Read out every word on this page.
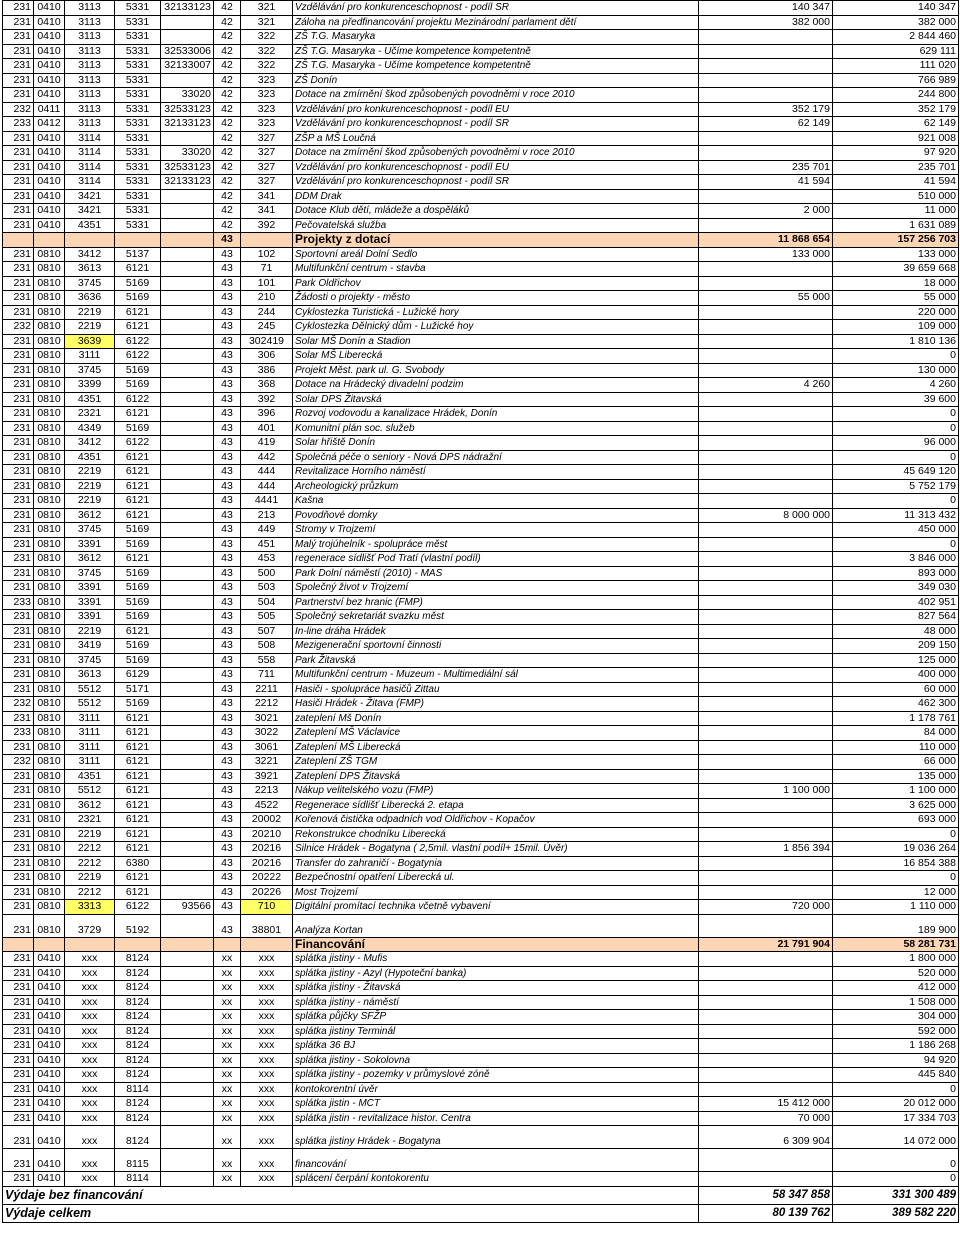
231	0410	3113	5331	32133123	42	321	Vzdělávání pro konkurenceschopnost - podíl SR	140 347	140 347
231	0410	3113	5331		42	321	Záloha na předfinancování projektu Mezinárodní parlament dětí	382 000	382 000
231	0410	3113	5331		42	322	ZŠ T.G. Masaryka		2 844 460
231	0410	3113	5331	32533006	42	322	ZŠ T.G. Masaryka - Učíme kompetence kompetentně		629 111
231	0410	3113	5331	32133007	42	322	ZŠ T.G. Masaryka - Učíme kompetence kompetentně		111 020
231	0410	3113	5331		42	323	ZŠ Donín		766 989
231	0410	3113	5331	33020	42	323	Dotace na zmírnění škod způsobených povodněmi v roce 2010		244 800
232	0411	3113	5331	32533123	42	323	Vzdělávání pro konkurenceschopnost - podíl EU	352 179	352 179
233	0412	3113	5331	32133123	42	323	Vzdělávání pro konkurenceschopnost - podíl SR	62 149	62 149
231	0410	3114	5331		42	327	ZŠP a MŠ Loučná		921 008
231	0410	3114	5331	33020	42	327	Dotace na zmírnění škod způsobených povodněmi v roce 2010		97 920
231	0410	3114	5331	32533123	42	327	Vzdělávání pro konkurenceschopnost - podíl EU	235 701	235 701
231	0410	3114	5331	32133123	42	327	Vzdělávání pro konkurenceschopnost - podíl SR	41 594	41 594
231	0410	3421	5331		42	341	DDM Drak		510 000
231	0410	3421	5331		42	341	Dotace Klub dětí, mládeže a dospěláků	2 000	11 000
231	0410	4351	5331		42	392	Pečovatelská služba		1 631 089
					43		Projekty z dotací	11 868 654	157 256 703
231	0810	3412	5137		43	102	Sportovní areál Dolní Sedlo	133 000	133 000
231	0810	3613	6121		43	71	Multifunkční centrum - stavba		39 659 668
231	0810	3745	5169		43	101	Park Oldřichov		18 000
231	0810	3636	5169		43	210	Žádosti o projekty - město	55 000	55 000
231	0810	2219	6121		43	244	Cyklostezka Turistická - Lužické hory		220 000
232	0810	2219	6121		43	245	Cyklostezka Dělnický dům - Lužické hoy		109 000
231	0810	3639	6122		43	302419	Solar MŠ Donín a Stadion		1 810 136
231	0810	3111	6122		43	306	Solar MŠ Liberecká		0
231	0810	3745	5169		43	386	Projekt Měst. park ul. G. Svobody		130 000
231	0810	3399	5169		43	368	Dotace na Hrádecký divadelní podzim	4 260	4 260
231	0810	4351	6122		43	392	Solar DPS Žitavská		39 600
231	0810	2321	6121		43	396	Rozvoj vodovodu a kanalizace Hrádek, Donín		0
231	0810	4349	5169		43	401	Komunitní plán soc. služeb		0
231	0810	3412	6122		43	419	Solar hřiště Donín		96 000
231	0810	4351	6121		43	442	Společná péče o seniory - Nová DPS nádražní		0
231	0810	2219	6121		43	444	Revitalizace Horního náměstí		45 649 120
231	0810	2219	6121		43	444	Archeologický průzkum		5 752 179
231	0810	2219	6121		43	4441	Kašna		0
231	0810	3612	6121		43	213	Povodňové domky	8 000 000	11 313 432
231	0810	3745	5169		43	449	Stromy v Trojzemí		450 000
231	0810	3391	5169		43	451	Malý trojúhelník - spolupráce měst		0
231	0810	3612	6121		43	453	regenerace sídlišť Pod Tratí (vlastní podíl)		3 846 000
231	0810	3745	5169		43	500	Park Dolní náměstí (2010) - MAS		893 000
231	0810	3391	5169		43	503	Společný život v Trojzemí		349 030
233	0810	3391	5169		43	504	Partnerství bez hranic (FMP)		402 951
231	0810	3391	5169		43	505	Společný sekretariát svazku měst		827 564
231	0810	2219	6121		43	507	In-line dráha Hrádek		48 000
231	0810	3419	5169		43	508	Mezigenerační sportovní činnosti		209 150
231	0810	3745	5169		43	558	Park Žitavská		125 000
231	0810	3613	6129		43	711	Multifunkční centrum - Muzeum - Multimediální sál		400 000
231	0810	5512	5171		43	2211	Hasiči - spolupráce hasičů Zittau		60 000
232	0810	5512	5169		43	2212	Hasiči Hrádek - Žitava (FMP)		462 300
231	0810	3111	6121		43	3021	zateplení Mš Donín		1 178 761
233	0810	3111	6121		43	3022	Zateplení MŠ Václavice		84 000
231	0810	3111	6121		43	3061	Zateplení MŠ Liberecká		110 000
232	0810	3111	6121		43	3221	Zateplení ZŠ TGM		66 000
231	0810	4351	6121		43	3921	Zateplení DPS Žitavská		135 000
231	0810	5512	6121		43	2213	Nákup velitelského vozu (FMP)	1 100 000	1 100 000
231	0810	3612	6121		43	4522	Regenerace sídlišť Liberecká 2. etapa		3 625 000
231	0810	2321	6121		43	20002	Kořenová čistička odpadních vod Oldřichov - Kopačov		693 000
231	0810	2219	6121		43	20210	Rekonstrukce chodníku Liberecká		0
231	0810	2212	6121		43	20216	Silnice Hrádek - Bogatyna ( 2,5mil. vlastní podíl+ 15mil. Úvěr)	1 856 394	19 036 264
231	0810	2212	6380		43	20216	Transfer do zahraničí - Bogatynia		16 854 388
231	0810	2219	6121		43	20222	Bezpečnostní opatření Liberecká ul.		0
231	0810	2212	6121		43	20226	Most Trojzemí		12 000
231	0810	3313	6122	93566	43	710	Digitální promítací technika včetně vybavení	720 000	1 110 000
231	0810	3729	5192		43	38801	Analýza Kortan		189 900
							Financování	21 791 904	58 281 731
231	0410	xxx	8124		xx	xxx	splátka jistiny - Mufis		1 800 000
231	0410	xxx	8124		xx	xxx	splátka jistiny - Azyl (Hypoteční banka)		520 000
231	0410	xxx	8124		xx	xxx	splátka jistiny - Žitavská		412 000
231	0410	xxx	8124		xx	xxx	splátka jistiny - náměstí		1 508 000
231	0410	xxx	8124		xx	xxx	splátka půjčky SFŽP		304 000
231	0410	xxx	8124		xx	xxx	splátka jistiny Terminál		592 000
231	0410	xxx	8124		xx	xxx	splátka 36 BJ		1 186 268
231	0410	xxx	8124		xx	xxx	splátka jistiny - Sokolovna		94 920
231	0410	xxx	8124		xx	xxx	splátka jistiny - pozemky v průmyslové zóně		445 840
231	0410	xxx	8114		xx	xxx	kontokorentní úvěr		0
231	0410	xxx	8124		xx	xxx	splátka jistin - MCT	15 412 000	20 012 000
231	0410	xxx	8124		xx	xxx	splátka jistin - revitalizace histor. Centra	70 000	17 334 703
231	0410	xxx	8124		xx	xxx	splátka jistiny Hrádek - Bogatyna	6 309 904	14 072 000
231	0410	xxx	8115		xx	xxx	financování		0
231	0410	xxx	8114		xx	xxx	splácení čerpání kontokorentu		0
Výdaje bez financování								58 347 858	331 300 489
Výdaje celkem								80 139 762	389 582 220
